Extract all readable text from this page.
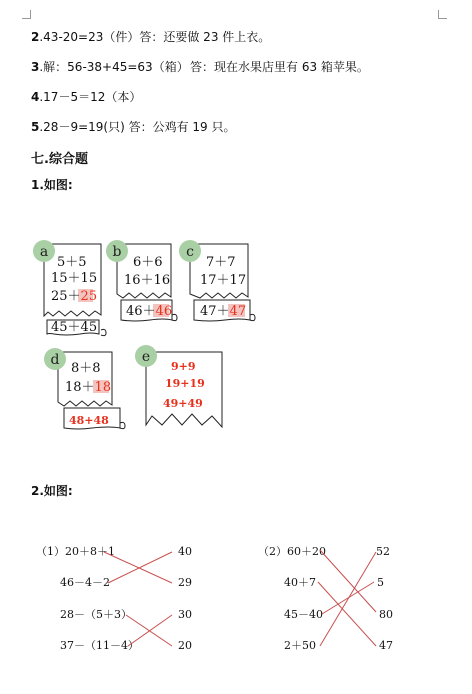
2.43-20=23（件）答：还要做 23 件上衣。
3.解：56-38+45=63（箱） 答：现在水果店里有 63 箱苹果。
4.17－5＝12（本）
5.28－9=19(只) 答：公鸡有 19 只。
七.综合题
1.如图:
a	b	c
d	e
5＋5
15＋15
25＋25
45＋45
6＋6
16＋16
46＋46
7＋7
17＋17
47＋47
8＋8
18＋18
48+48
9+9
19+19
49+49
2.如图:
（1）20＋8＋1
46－4－2
28－（5＋3）
37－（11－4）
40
29
30
20
（2）60＋20
40＋7
45－40
2＋50
52
5
80
47
